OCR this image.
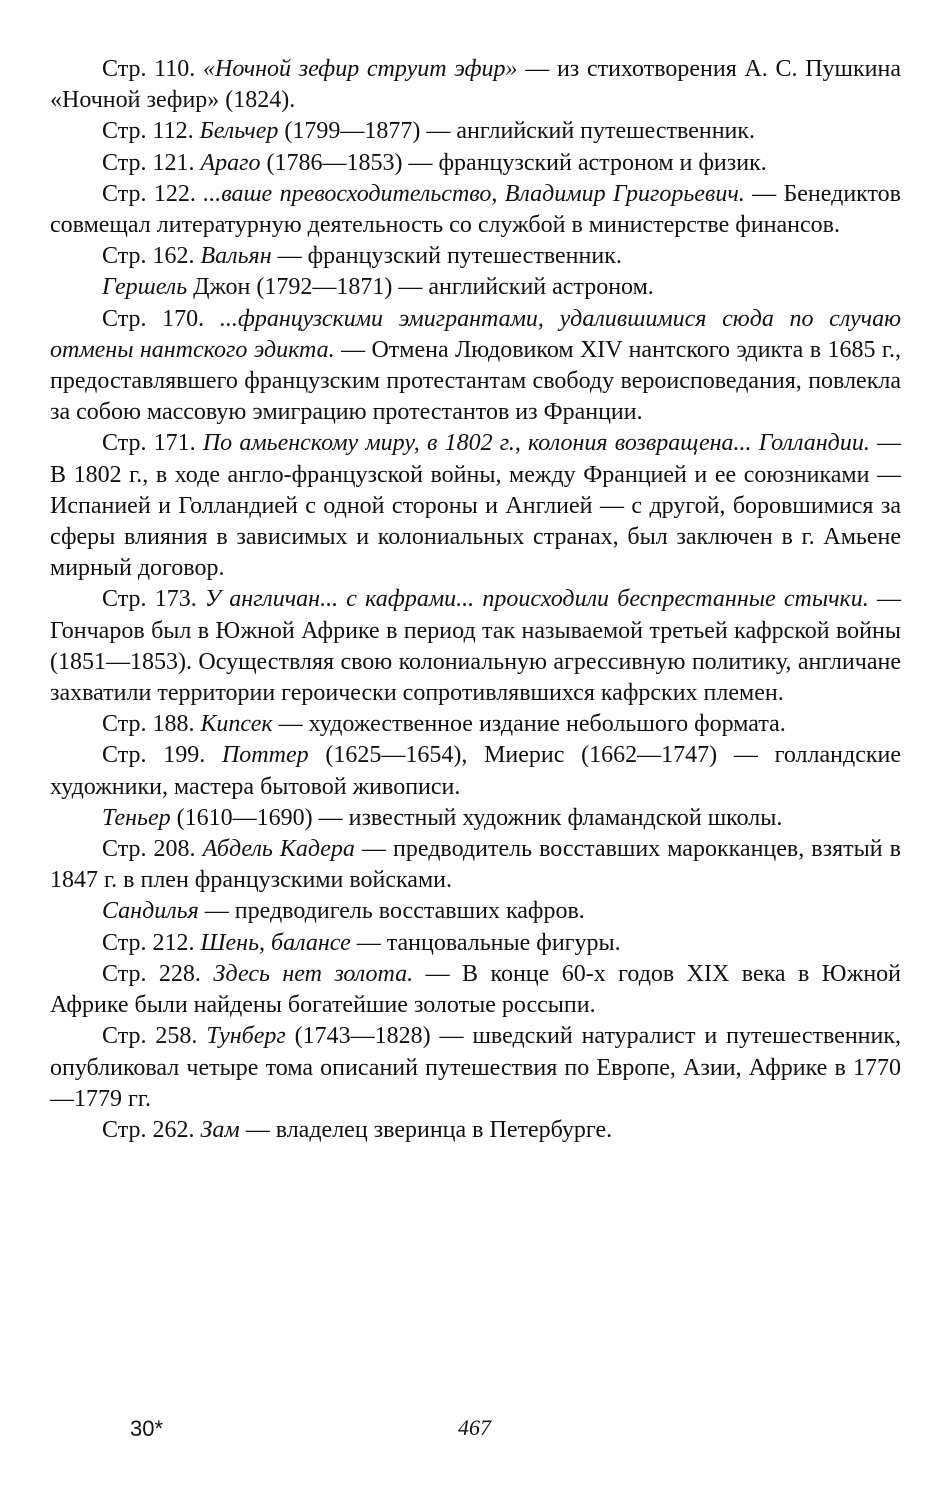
Стр. 110. «Ночной зефир струит эфир» — из стихотворения А. С. Пушкина «Ночной зефир» (1824).

Стр. 112. Бельчер (1799—1877) — английский путешественник.

Стр. 121. Араго (1786—1853) — французский астроном и физик.

Стр. 122. ...ваше превосходительство, Владимир Григорьевич. — Бенедиктов совмещал литературную деятельность со службой в министерстве финансов.

Стр. 162. Вальян — французский путешественник.

Гершель Джон (1792—1871) — английский астроном.

Стр. 170. ...французскими эмигрантами, удалившимися сюда по случаю отмены нантского эдикта. — Отмена Людовиком XIV нантского эдикта в 1685 г., предоставлявшего французским протестантам свободу вероисповедания, повлекла за собою массовую эмиграцию протестантов из Франции.

Стр. 171. По амьенскому миру, в 1802 г., колония возвращена... Голландии. — В 1802 г., в ходе англо-французской войны, между Францией и ее союзниками — Испанией и Голландией с одной стороны и Англией — с другой, боровшимися за сферы влияния в зависимых и колониальных странах, был заключен в г. Амьене мирный договор.

Стр. 173. У англичан... с кафрами... происходили беспрестанные стычки. — Гончаров был в Южной Африке в период так называемой третьей кафрской войны (1851—1853). Осуществляя свою колониальную агрессивную политику, англичане захватили территории героически сопротивлявшихся кафрских племен.

Стр. 188. Кипсек — художественное издание небольшого формата.

Стр. 199. Поттер (1625—1654), Миерис (1662—1747) — голландские художники, мастера бытовой живописи.

Теньер (1610—1690) — известный художник фламандской школы.

Стр. 208. Абдель Кадера — предводитель восставших марокканцев, взятый в 1847 г. в плен французскими войсками.

Сандилья — предводигель восставших кафров.

Стр. 212. Шень, балансе — танцовальные фигуры.

Стр. 228. Здесь нет золота. — В конце 60-х годов XIX века в Южной Африке были найдены богатейшие золотые россыпи.

Стр. 258. Тунберг (1743—1828) — шведский натуралист и путешественник, опубликовал четыре тома описаний путешествия по Европе, Азии, Африке в 1770—1779 гг.

Стр. 262. Зам — владелец зверинца в Петербурге.

30*	467
